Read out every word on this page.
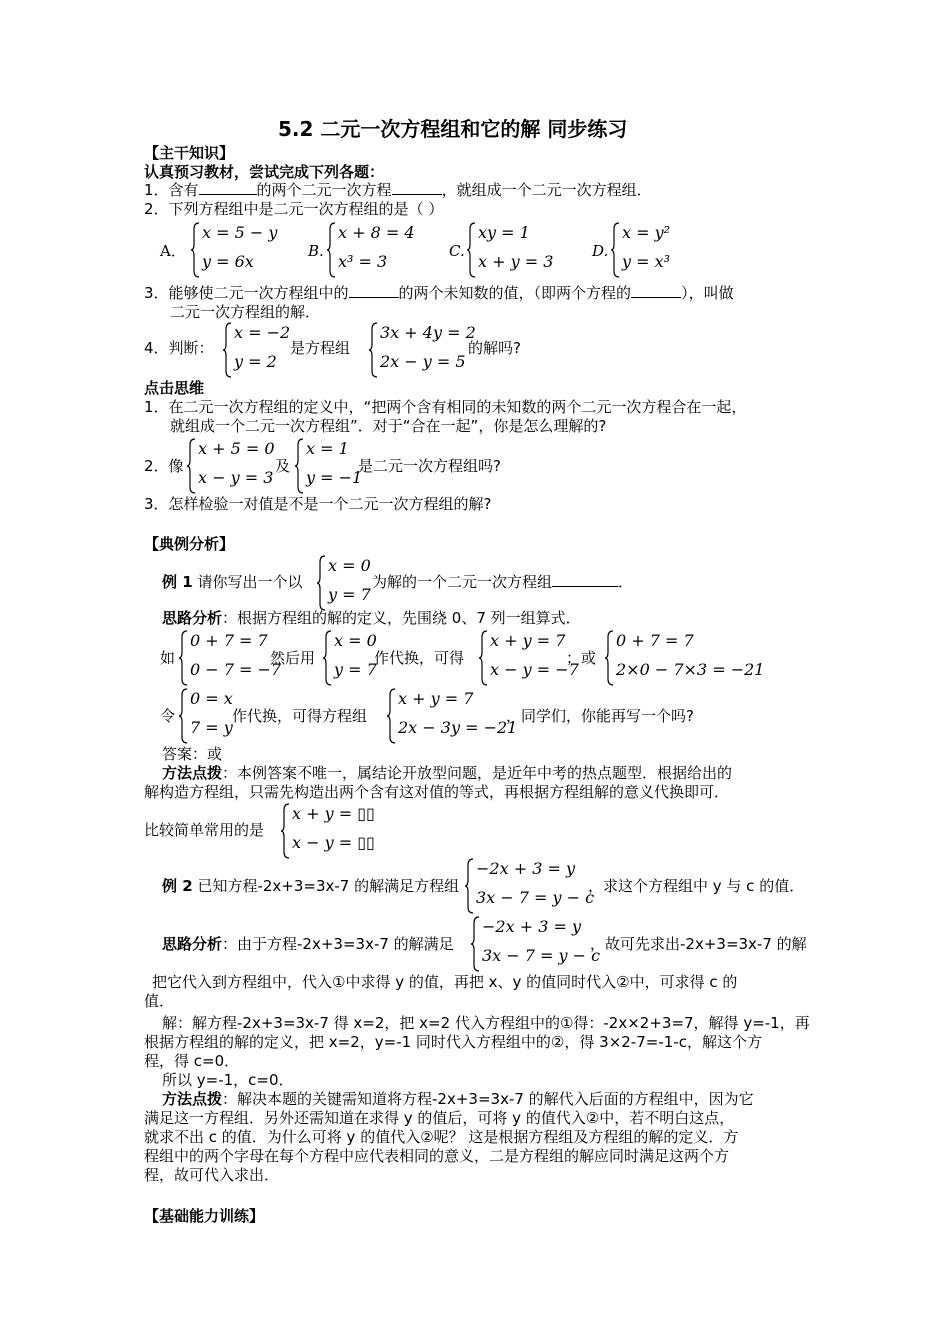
5.2 二元一次方程组和它的解 同步练习
【主干知识】
认真预习教材，尝试完成下列各题：
1．含有	的两个二元一次方程	，就组成一个二元一次方程组．
2．下列方程组中是二元一次方程组的是（ ）
A．
x = 5 − y
y = 6x
B.
x + 8 = 4
x³ = 3
C.
xy = 1
x + y = 3
D.
x = y²
y = x³
3．能够使二元一次方程组中的	的两个未知数的值，（即两个方程的	），叫做
二元一次方程组的解．
4．判断：
x = −2
y = 2
是方程组
3x + 4y = 2
2x − y = 5
的解吗?
点击思维
1．在二元一次方程组的定义中，“把两个含有相同的未知数的两个二元一次方程合在一起，
就组成一个二元一次方程组”．对于“合在一起”，你是怎么理解的?
2．像
x + 5 = 0
x − y = 3
及
x = 1
y = −1
是二元一次方程组吗?
3．怎样检验一对值是不是一个二元一次方程组的解?
【典例分析】
例 1 请你写出一个以
x = 0
y = 7
为解的一个二元一次方程组	．
思路分析：根据方程组的解的定义，先围绕 0、7 列一组算式．
如
0 + 7 = 7
0 − 7 = −7
然后用
x = 0
y = 7
作代换，可得
x + y = 7
x − y = −7
；或
0 + 7 = 7
2×0 − 7×3 = −21
令
0 = x
7 = y
作代换，可得方程组
x + y = 7
2x − 3y = −21
，同学们，你能再写一个吗?
答案：或
方法点拨：本例答案不唯一，属结论开放型问题，是近年中考的热点题型．根据给出的
解构造方程组，只需先构造出两个含有这对值的等式，再根据方程组解的意义代换即可．
比较简单常用的是
x + y = ▯▯
x − y = ▯▯
例 2 已知方程-2x+3=3x-7 的解满足方程组
−2x + 3 = y
3x − 7 = y − c
，求这个方程组中 y 与 c 的值．
思路分析：由于方程-2x+3=3x-7 的解满足
−2x + 3 = y
3x − 7 = y − c
，故可先求出-2x+3=3x-7 的解
把它代入到方程组中，代入①中求得 y 的值，再把 x、y 的值同时代入②中，可求得 c 的
值．
解：解方程-2x+3=3x-7 得 x=2，把 x=2 代入方程组中的①得：-2x×2+3=7，解得 y=-1，再
根据方程组的解的定义，把 x=2，y=-1 同时代入方程组中的②，得 3×2-7=-1-c，解这个方
程，得 c=0．
所以 y=-1，c=0．
方法点拨：解决本题的关键需知道将方程-2x+3=3x-7 的解代入后面的方程组中，因为它
满足这一方程组．另外还需知道在求得 y 的值后，可将 y 的值代入②中，若不明白这点，
就求不出 c 的值．为什么可将 y 的值代入②呢？ 这是根据方程组及方程组的解的定义．方
程组中的两个字母在每个方程中应代表相同的意义，二是方程组的解应同时满足这两个方
程，故可代入求出．
【基础能力训练】
